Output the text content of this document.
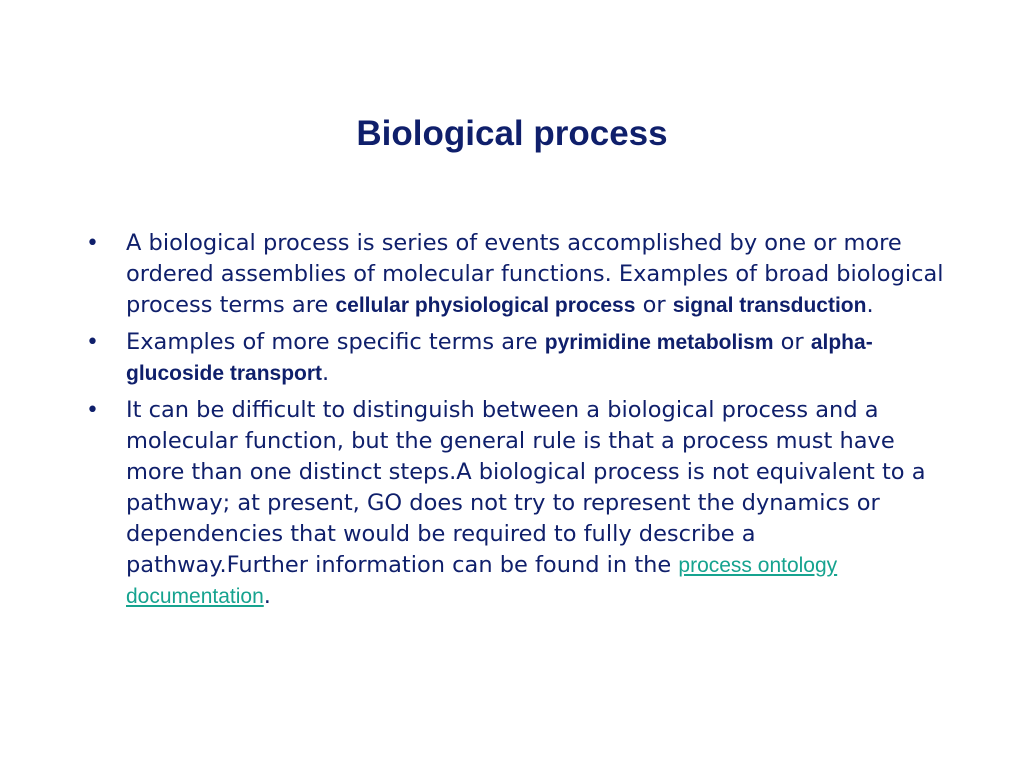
Biological process
•	A biological process is series of events accomplished by one or more ordered assemblies of molecular functions. Examples of broad biological process terms are cellular physiological process or signal transduction.
•	Examples of more specific terms are pyrimidine metabolism or alpha-glucoside transport.
•	It can be difficult to distinguish between a biological process and a molecular function, but the general rule is that a process must have more than one distinct steps.A biological process is not equivalent to a pathway; at present, GO does not try to represent the dynamics or dependencies that would be required to fully describe a pathway.Further information can be found in the process ontology documentation.
